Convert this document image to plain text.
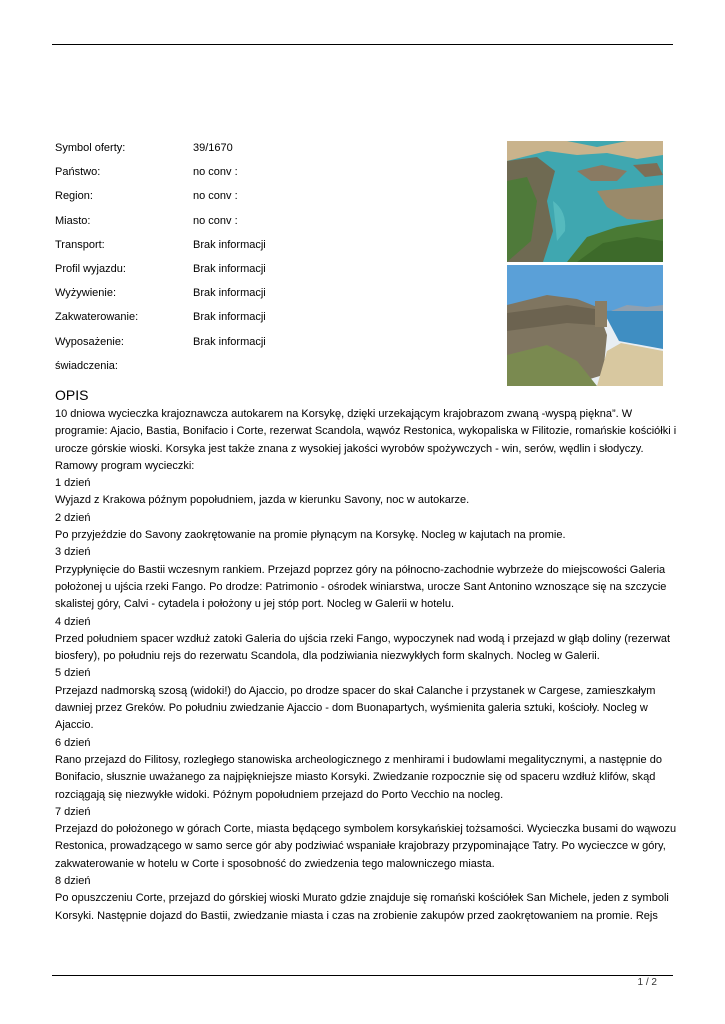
Symbol oferty:	39/1670
Państwo:	no conv :
Region:	no conv :
Miasto:	no conv :
Transport:	Brak informacji
Profil wyjazdu:	Brak informacji
Wyżywienie:	Brak informacji
Zakwaterowanie:	Brak informacji
Wyposażenie:	Brak informacji
świadczenia:
OPIS

10 dniowa wycieczka krajoznawcza autokarem na Korsykę, dzięki urzekającym krajobrazom zwaną -wyspą piękna”. W programie: Ajacio, Bastia, Bonifacio i Corte, rezerwat Scandola, wąwóz Restonica, wykopaliska w Filitozie, romańskie kościółki i urocze górskie wioski. Korsyka jest także znana z wysokiej jakości wyrobów spożywczych - win, serów, wędlin i słodyczy.

Ramowy program wycieczki:

1 dzień

Wyjazd z Krakowa późnym popołudniem, jazda w kierunku Savony, noc w autokarze.

2 dzień

Po przyjeździe do Savony zaokrętowanie na promie płynącym na Korsykę. Nocleg w kajutach na promie.

3 dzień

Przypłynięcie do Bastii wczesnym rankiem. Przejazd poprzez góry na północno-zachodnie wybrzeże do miejscowości Galeria położonej u ujścia rzeki Fango. Po drodze: Patrimonio - ośrodek winiarstwa, urocze Sant Antonino wznoszące się na szczycie skalistej góry, Calvi - cytadela i położony u jej stóp port. Nocleg w Galerii w hotelu.

4 dzień

Przed południem spacer wzdłuż zatoki Galeria do ujścia rzeki Fango, wypoczynek nad wodą i przejazd w głąb doliny (rezerwat biosfery), po południu rejs do rezerwatu Scandola, dla podziwiania niezwykłych form skalnych. Nocleg w Galerii.

5 dzień

Przejazd nadmorską szosą (widoki!) do Ajaccio, po drodze spacer do skał Calanche i przystanek w Cargese, zamieszkałym dawniej przez Greków. Po południu zwiedzanie Ajaccio - dom Buonapartych, wyśmienita galeria sztuki, kościoły. Nocleg w Ajaccio.

6 dzień

Rano przejazd do Filitosy, rozległego stanowiska archeologicznego z menhirami i budowlami megalitycznymi, a następnie do Bonifacio, słusznie uważanego za najpiękniejsze miasto Korsyki. Zwiedzanie rozpocznie się od spaceru wzdłuż klifów, skąd rozciągają się niezwykłe widoki. Późnym popołudniem przejazd do Porto Vecchio na nocleg.

7 dzień

Przejazd do położonego w górach Corte, miasta będącego symbolem korsykańskiej tożsamości. Wycieczka busami do wąwozu Restonica, prowadzącego w samo serce gór aby podziwiać wspaniałe krajobrazy przypominające Tatry. Po wycieczce w góry, zakwaterowanie w hotelu w Corte i sposobność do zwiedzenia tego malowniczego miasta.

8 dzień

Po opuszczeniu Corte, przejazd do górskiej wioski Murato gdzie znajduje się romański kościółek San Michele, jeden z symboli Korsyki. Następnie dojazd do Bastii, zwiedzanie miasta i czas na zrobienie zakupów przed zaokrętowaniem na promie. Rejs

1 / 2
